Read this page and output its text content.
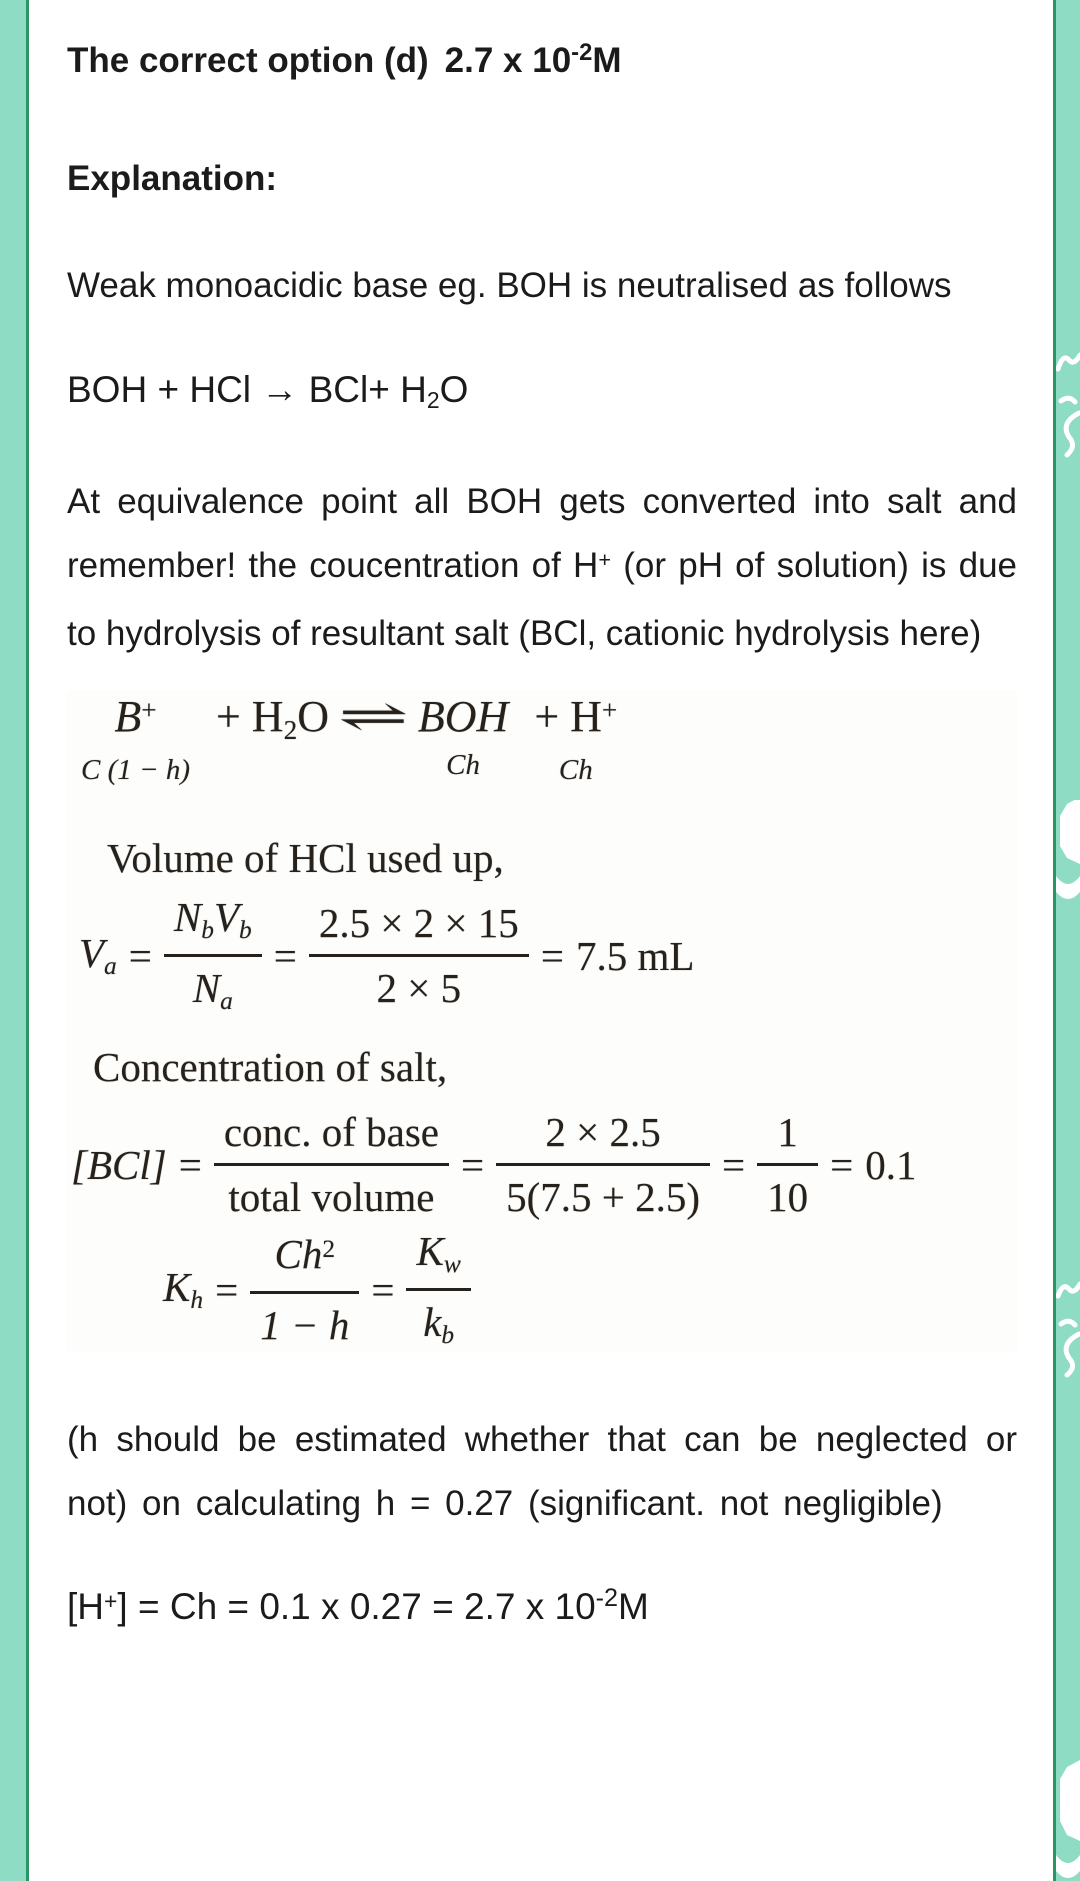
The correct option (d) 2.7 x $10^{-2}M$
Explanation:
Weak monoacidic base eg. BOH is neutralised as follows
BOH + HCl → BCl+ H2O
At equivalence point all BOH gets converted into salt and remember! the coucentration of H+ (or pH of solution) is due to hydrolysis of resultant salt (BCl, cationic hydrolysis here)
B+
C (1 − h)
+ H2O ⇌ BOH
Ch
+ H+
Ch
Volume of HCl used up,
$Va = \frac{\text{NbVb}}{Na} = \frac{2.5 \times 2 \times 15}{2 \times 5} = 7.5$ mL
Concentration of salt,
$[BCl] = \frac{\text{conc. of base}}{\text{total volume}} = \frac{2 \times 2.5}{5(7.5 + 2.5)} = \frac{1}{10} = 0.1$
$Kh = \frac{Ch^2}{1 - h} = \frac{Kw}{kb}$
(h should be estimated whether that can be neglected or not) on calculating h = 0.27 (significant. not negligible)
[H+] = Ch = 0.1 x 0.27 = 2.7 x $10^{-2}M$
